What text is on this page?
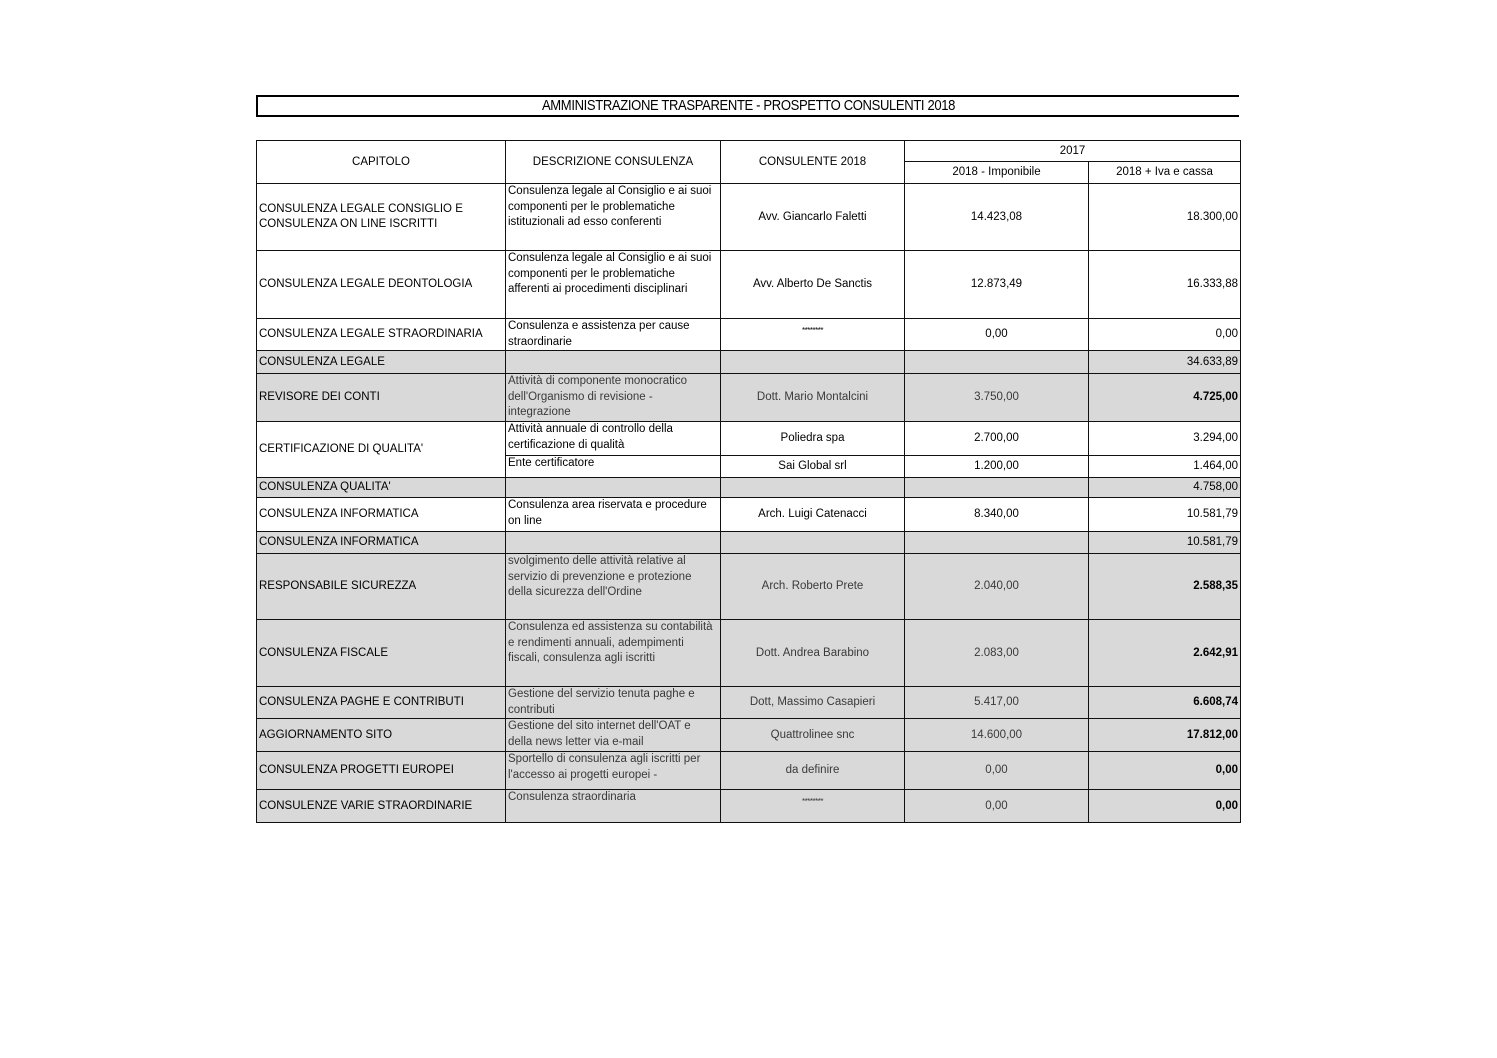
AMMINISTRAZIONE TRASPARENTE - PROSPETTO CONSULENTI 2018
CAPITOLO	DESCRIZIONE CONSULENZA	CONSULENTE 2018	2017	
			2018 - Imponibile	2018 + Iva e cassa
CONSULENZA LEGALE CONSIGLIO E CONSULENZA ON LINE ISCRITTI	Consulenza legale al Consiglio e ai suoi componenti per le problematiche istituzionali ad esso conferenti	Avv. Giancarlo Faletti	14.423,08	18.300,00
CONSULENZA LEGALE DEONTOLOGIA	Consulenza legale al Consiglio e ai suoi componenti per le problematiche afferenti ai procedimenti disciplinari	Avv. Alberto De Sanctis	12.873,49	16.333,88
CONSULENZA LEGALE STRAORDINARIA	Consulenza e assistenza per cause straordinarie	********	0,00	0,00
CONSULENZA LEGALE				34.633,89
REVISORE DEI CONTI	Attività di componente monocratico dell'Organismo di revisione - integrazione	Dott. Mario Montalcini	3.750,00	4.725,00
CERTIFICAZIONE DI QUALITA'	Attività annuale di controllo della certificazione di qualità	Poliedra spa	2.700,00	3.294,00
	Ente certificatore	Sai Global srl	1.200,00	1.464,00
CONSULENZA QUALITA'				4.758,00
CONSULENZA INFORMATICA	Consulenza area riservata e procedure on line	Arch. Luigi Catenacci	8.340,00	10.581,79
CONSULENZA INFORMATICA				10.581,79
RESPONSABILE SICUREZZA	svolgimento delle attività relative al servizio di prevenzione e protezione della sicurezza dell'Ordine	Arch. Roberto Prete	2.040,00	2.588,35
CONSULENZA FISCALE	Consulenza ed assistenza su contabilità e rendimenti annuali, adempimenti fiscali, consulenza agli iscritti	Dott. Andrea Barabino	2.083,00	2.642,91
CONSULENZA PAGHE E CONTRIBUTI	Gestione del servizio tenuta paghe e contributi	Dott, Massimo Casapieri	5.417,00	6.608,74
AGGIORNAMENTO SITO	Gestione del sito internet dell'OAT e della news letter via e-mail	Quattrolinee snc	14.600,00	17.812,00
CONSULENZA PROGETTI EUROPEI	Sportello di consulenza agli iscritti per l'accesso ai progetti europei -	da definire	0,00	0,00
CONSULENZE VARIE STRAORDINARIE	Consulenza straordinaria	********	0,00	0,00
